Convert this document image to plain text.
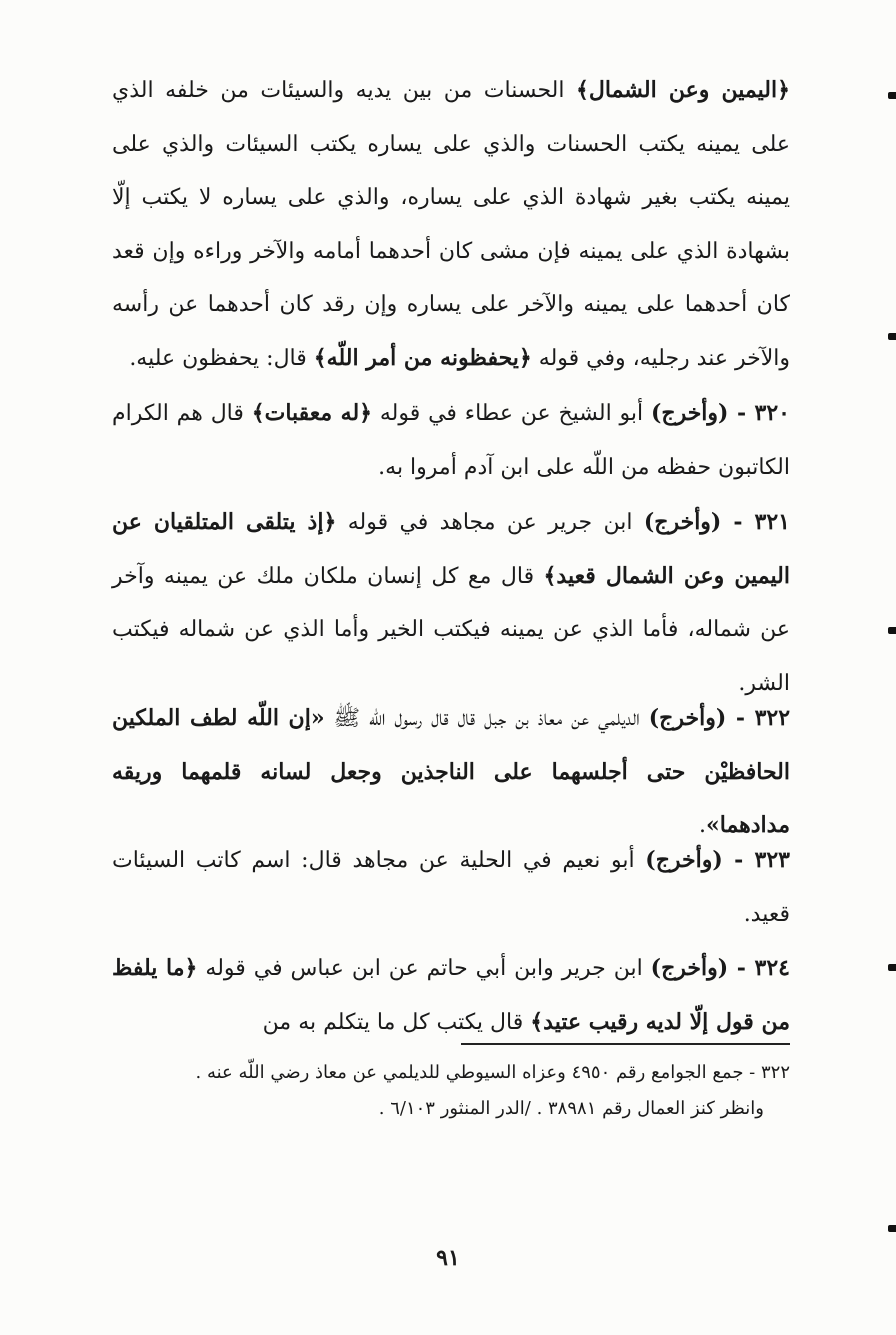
﴿اليمين وعن الشمال﴾ الحسنات من بين يديه والسيئات من خلفه الذي على يمينه يكتب الحسنات والذي على يساره يكتب السيئات والذي على يمينه يكتب بغير شهادة الذي على يساره، والذي على يساره لا يكتب إلّا بشهادة الذي على يمينه فإن مشى كان أحدهما أمامه والآخر وراءه وإن قعد كان أحدهما على يمينه والآخر على يساره وإن رقد كان أحدهما عن رأسه والآخر عند رجليه، وفي قوله ﴿يحفظونه من أمر اللّه﴾ قال: يحفظون عليه.
٣٢٠ - (وأخرج) أبو الشيخ عن عطاء في قوله ﴿له معقبات﴾ قال هم الكرام الكاتبون حفظه من اللّه على ابن آدم أمروا به.
٣٢١ - (وأخرج) ابن جرير عن مجاهد في قوله ﴿إذ يتلقى المتلقيان عن اليمين وعن الشمال قعيد﴾ قال مع كل إنسان ملكان ملك عن يمينه وآخر عن شماله، فأما الذي عن يمينه فيكتب الخير وأما الذي عن شماله فيكتب الشر.
٣٢٢ - (وأخرج) الديلمي عن معاذ بن جبل قال قال رسول اللّه ﷺ «إن اللّه لطف الملكين الحافظيْن حتى أجلسهما على الناجذين وجعل لسانه قلمهما وريقه مدادهما».
٣٢٣ - (وأخرج) أبو نعيم في الحلية عن مجاهد قال: اسم كاتب السيئات قعيد.
٣٢٤ - (وأخرج) ابن جرير وابن أبي حاتم عن ابن عباس في قوله ﴿ما يلفظ من قول إلّا لديه رقيب عتيد﴾ قال يكتب كل ما يتكلم به من
٣٢٢ - جمع الجوامع رقم ٤٩٥٠ وعزاه السيوطي للديلمي عن معاذ رضي اللّه عنه .
وانظر كنز العمال رقم ٣٨٩٨١ . /الدر المنثور ٦/١٠٣ .
٩١
